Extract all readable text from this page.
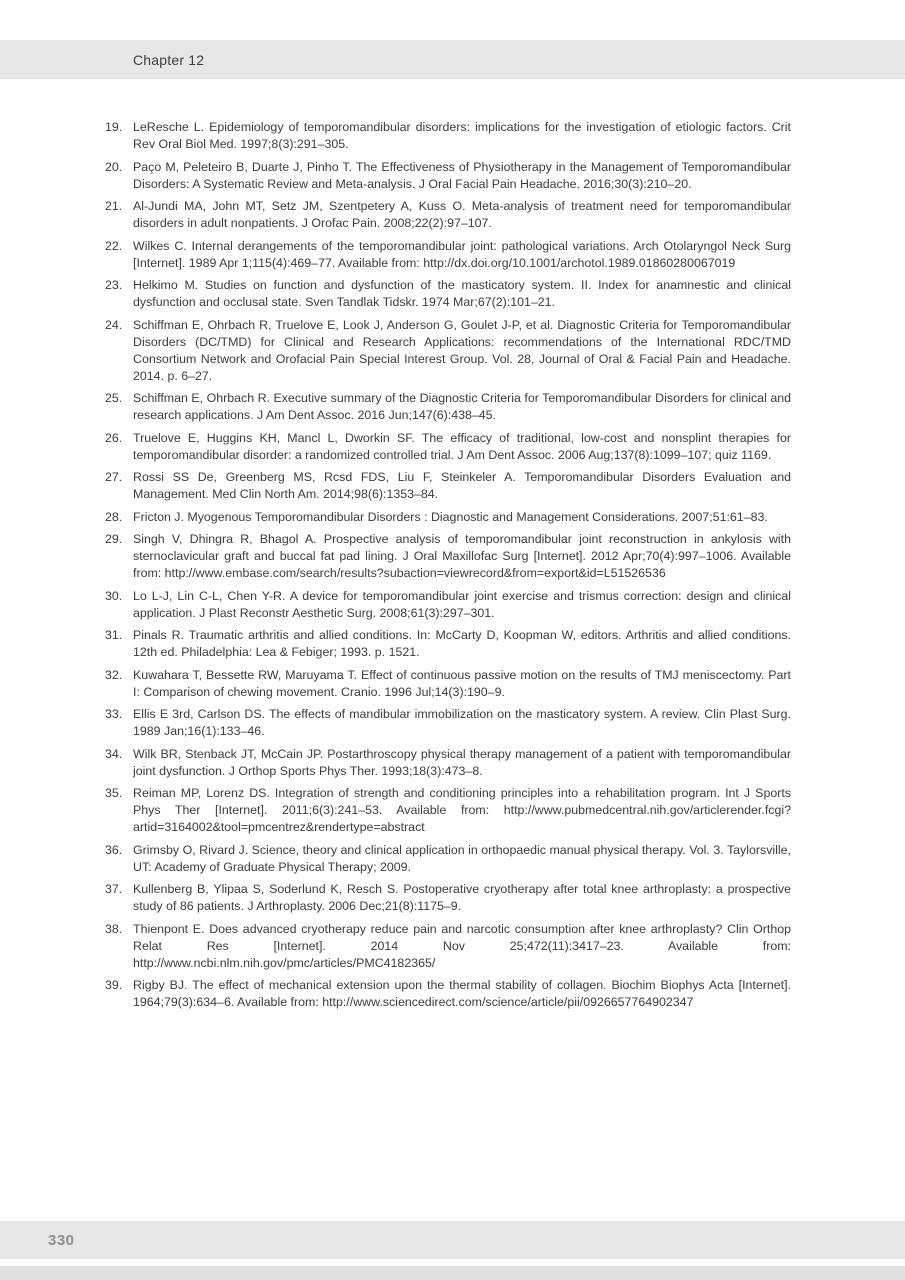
Chapter 12
19. LeResche L. Epidemiology of temporomandibular disorders: implications for the investigation of etiologic factors. Crit Rev Oral Biol Med. 1997;8(3):291–305.
20. Paço M, Peleteiro B, Duarte J, Pinho T. The Effectiveness of Physiotherapy in the Management of Temporomandibular Disorders: A Systematic Review and Meta-analysis. J Oral Facial Pain Headache. 2016;30(3):210–20.
21. Al-Jundi MA, John MT, Setz JM, Szentpetery A, Kuss O. Meta-analysis of treatment need for temporomandibular disorders in adult nonpatients. J Orofac Pain. 2008;22(2):97–107.
22. Wilkes C. Internal derangements of the temporomandibular joint: pathological variations. Arch Otolaryngol Neck Surg [Internet]. 1989 Apr 1;115(4):469–77. Available from: http://dx.doi.org/10.1001/archotol.1989.01860280067019
23. Helkimo M. Studies on function and dysfunction of the masticatory system. II. Index for anamnestic and clinical dysfunction and occlusal state. Sven Tandlak Tidskr. 1974 Mar;67(2):101–21.
24. Schiffman E, Ohrbach R, Truelove E, Look J, Anderson G, Goulet J-P, et al. Diagnostic Criteria for Temporomandibular Disorders (DC/TMD) for Clinical and Research Applications: recommendations of the International RDC/TMD Consortium Network and Orofacial Pain Special Interest Group. Vol. 28, Journal of Oral & Facial Pain and Headache. 2014. p. 6–27.
25. Schiffman E, Ohrbach R. Executive summary of the Diagnostic Criteria for Temporomandibular Disorders for clinical and research applications. J Am Dent Assoc. 2016 Jun;147(6):438–45.
26. Truelove E, Huggins KH, Mancl L, Dworkin SF. The efficacy of traditional, low-cost and nonsplint therapies for temporomandibular disorder: a randomized controlled trial. J Am Dent Assoc. 2006 Aug;137(8):1099–107; quiz 1169.
27. Rossi SS De, Greenberg MS, Rcsd FDS, Liu F, Steinkeler A. Temporomandibular Disorders Evaluation and Management. Med Clin North Am. 2014;98(6):1353–84.
28. Fricton J. Myogenous Temporomandibular Disorders : Diagnostic and Management Considerations. 2007;51:61–83.
29. Singh V, Dhingra R, Bhagol A. Prospective analysis of temporomandibular joint reconstruction in ankylosis with sternoclavicular graft and buccal fat pad lining. J Oral Maxillofac Surg [Internet]. 2012 Apr;70(4):997–1006. Available from: http://www.embase.com/search/results?subaction=viewrecord&from=export&id=L51526536
30. Lo L-J, Lin C-L, Chen Y-R. A device for temporomandibular joint exercise and trismus correction: design and clinical application. J Plast Reconstr Aesthetic Surg. 2008;61(3):297–301.
31. Pinals R. Traumatic arthritis and allied conditions. In: McCarty D, Koopman W, editors. Arthritis and allied conditions. 12th ed. Philadelphia: Lea & Febiger; 1993. p. 1521.
32. Kuwahara T, Bessette RW, Maruyama T. Effect of continuous passive motion on the results of TMJ meniscectomy. Part I: Comparison of chewing movement. Cranio. 1996 Jul;14(3):190–9.
33. Ellis E 3rd, Carlson DS. The effects of mandibular immobilization on the masticatory system. A review. Clin Plast Surg. 1989 Jan;16(1):133–46.
34. Wilk BR, Stenback JT, McCain JP. Postarthroscopy physical therapy management of a patient with temporomandibular joint dysfunction. J Orthop Sports Phys Ther. 1993;18(3):473–8.
35. Reiman MP, Lorenz DS. Integration of strength and conditioning principles into a rehabilitation program. Int J Sports Phys Ther [Internet]. 2011;6(3):241–53. Available from: http://www.pubmedcentral.nih.gov/articlerender.fcgi?artid=3164002&tool=pmcentrez&rendertype=abstract
36. Grimsby O, Rivard J. Science, theory and clinical application in orthopaedic manual physical therapy. Vol. 3. Taylorsville, UT: Academy of Graduate Physical Therapy; 2009.
37. Kullenberg B, Ylipaa S, Soderlund K, Resch S. Postoperative cryotherapy after total knee arthroplasty: a prospective study of 86 patients. J Arthroplasty. 2006 Dec;21(8):1175–9.
38. Thienpont E. Does advanced cryotherapy reduce pain and narcotic consumption after knee arthroplasty? Clin Orthop Relat Res [Internet]. 2014 Nov 25;472(11):3417–23. Available from: http://www.ncbi.nlm.nih.gov/pmc/articles/PMC4182365/
39. Rigby BJ. The effect of mechanical extension upon the thermal stability of collagen. Biochim Biophys Acta [Internet]. 1964;79(3):634–6. Available from: http://www.sciencedirect.com/science/article/pii/0926657764902347
330
